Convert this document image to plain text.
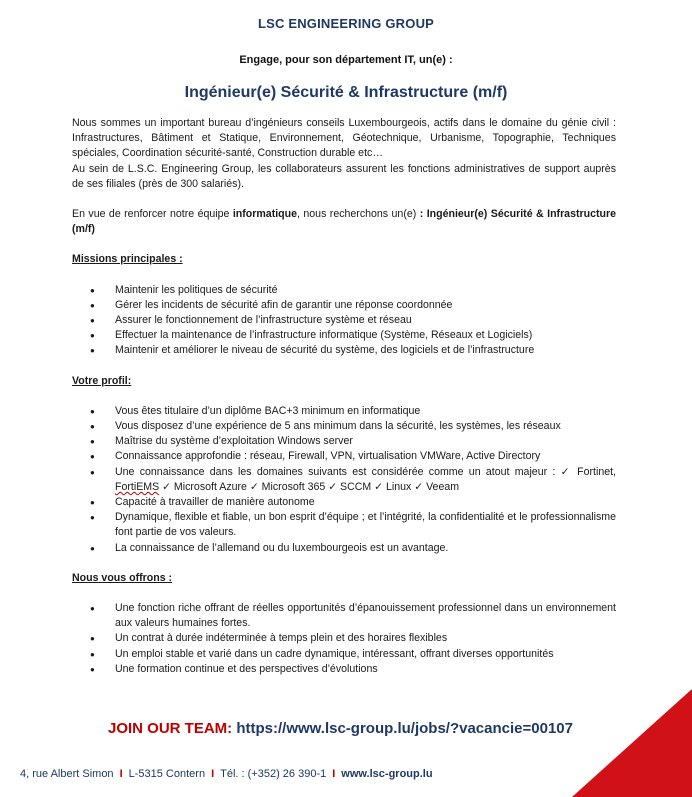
LSC ENGINEERING GROUP
Engage, pour son département IT, un(e) :
Ingénieur(e) Sécurité & Infrastructure (m/f)

Nous sommes un important bureau d’ingénieurs conseils Luxembourgeois, actifs dans le domaine du génie civil : Infrastructures, Bâtiment et Statique, Environnement, Géotechnique, Urbanisme, Topographie, Techniques spéciales, Coordination sécurité-santé, Construction durable etc…

Au sein de L.S.C. Engineering Group, les collaborateurs assurent les fonctions administratives de support auprès de ses filiales (près de 300 salariés).

En vue de renforcer notre équipe informatique, nous recherchons un(e) : Ingénieur(e) Sécurité & Infrastructure (m/f)

Missions principales :

● Maintenir les politiques de sécurité
● Gérer les incidents de sécurité afin de garantir une réponse coordonnée
● Assurer le fonctionnement de l’infrastructure système et réseau
● Effectuer la maintenance de l’infrastructure informatique (Système, Réseaux et Logiciels)
● Maintenir et améliorer le niveau de sécurité du système, des logiciels et de l’infrastructure

Votre profil:

● Vous êtes titulaire d’un diplôme BAC+3 minimum en informatique
● Vous disposez d’une expérience de 5 ans minimum dans la sécurité, les systèmes, les réseaux
● Maîtrise du système d’exploitation Windows server
● Connaissance approfondie : réseau, Firewall, VPN, virtualisation VMWare, Active Directory
● Une connaissance dans les domaines suivants est considérée comme un atout majeur : ✓ Fortinet, FortiEMS ✓ Microsoft Azure ✓ Microsoft 365 ✓ SCCM ✓ Linux ✓ Veeam
● Capacité à travailler de manière autonome
● Dynamique, flexible et fiable, un bon esprit d’équipe ; et l’intégrité, la confidentialité et le professionnalisme font partie de vos valeurs.
● La connaissance de l’allemand ou du luxembourgeois est un avantage.

Nous vous offrons :

● Une fonction riche offrant de réelles opportunités d’épanouissement professionnel dans un environnement aux valeurs humaines fortes.
● Un contrat à durée indéterminée à temps plein et des horaires flexibles
● Un emploi stable et varié dans un cadre dynamique, intéressant, offrant diverses opportunités
● Une formation continue et des perspectives d’évolutions
JOIN OUR TEAM: https://www.lsc-group.lu/jobs/?vacancie=00107
4, rue Albert Simon I L-5315 Contern I Tél. : (+352) 26 390-1 I www.lsc-group.lu
